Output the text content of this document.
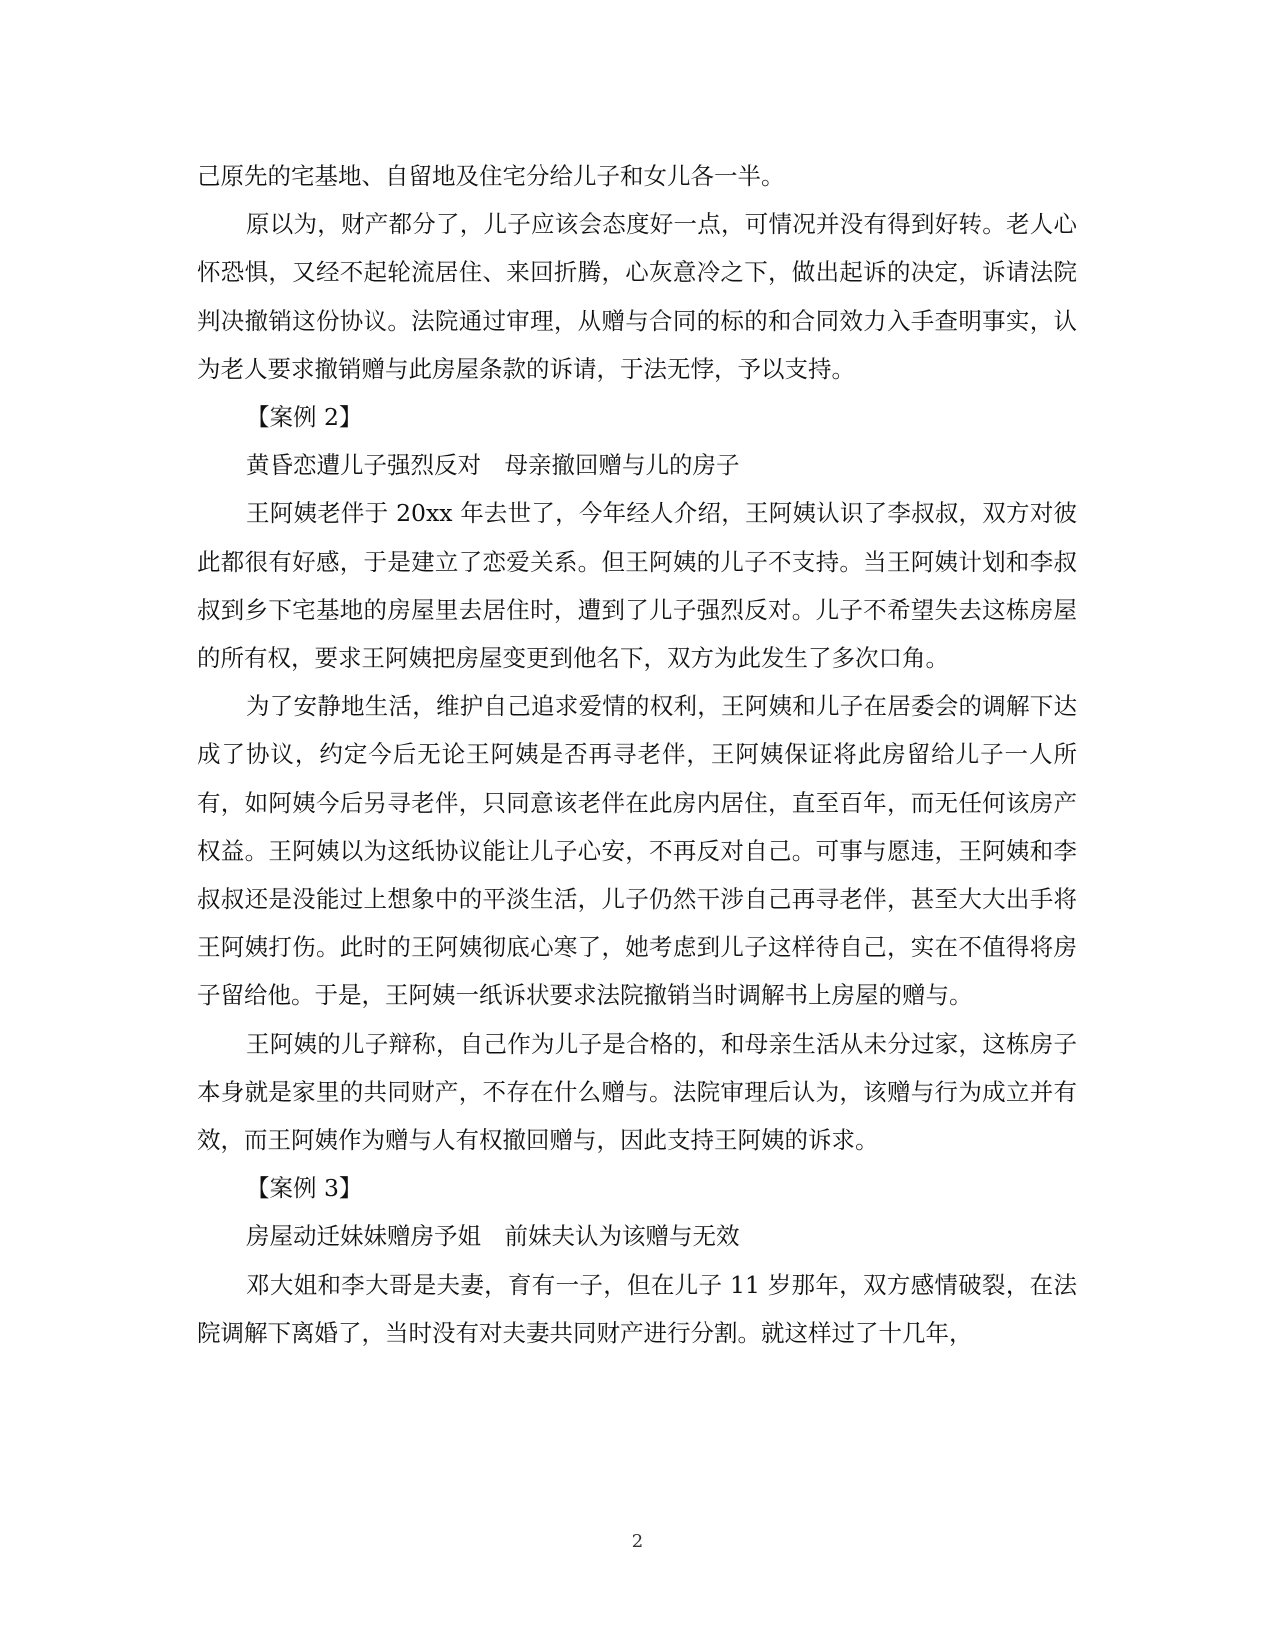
己原先的宅基地、自留地及住宅分给儿子和女儿各一半。

原以为，财产都分了，儿子应该会态度好一点，可情况并没有得到好转。老人心怀恐惧，又经不起轮流居住、来回折腾，心灰意冷之下，做出起诉的决定，诉请法院判决撤销这份协议。法院通过审理，从赠与合同的标的和合同效力入手查明事实，认为老人要求撤销赠与此房屋条款的诉请，于法无悖，予以支持。

【案例 2】

黄昏恋遭儿子强烈反对　母亲撤回赠与儿的房子

王阿姨老伴于 20xx 年去世了，今年经人介绍，王阿姨认识了李叔叔，双方对彼此都很有好感，于是建立了恋爱关系。但王阿姨的儿子不支持。当王阿姨计划和李叔叔到乡下宅基地的房屋里去居住时，遭到了儿子强烈反对。儿子不希望失去这栋房屋的所有权，要求王阿姨把房屋变更到他名下，双方为此发生了多次口角。

为了安静地生活，维护自己追求爱情的权利，王阿姨和儿子在居委会的调解下达成了协议，约定今后无论王阿姨是否再寻老伴，王阿姨保证将此房留给儿子一人所有，如阿姨今后另寻老伴，只同意该老伴在此房内居住，直至百年，而无任何该房产权益。王阿姨以为这纸协议能让儿子心安，不再反对自己。可事与愿违，王阿姨和李叔叔还是没能过上想象中的平淡生活，儿子仍然干涉自己再寻老伴，甚至大大出手将王阿姨打伤。此时的王阿姨彻底心寒了，她考虑到儿子这样待自己，实在不值得将房子留给他。于是，王阿姨一纸诉状要求法院撤销当时调解书上房屋的赠与。

王阿姨的儿子辩称，自己作为儿子是合格的，和母亲生活从未分过家，这栋房子本身就是家里的共同财产，不存在什么赠与。法院审理后认为，该赠与行为成立并有效，而王阿姨作为赠与人有权撤回赠与，因此支持王阿姨的诉求。

【案例 3】

房屋动迁妹妹赠房予姐　前妹夫认为该赠与无效

邓大姐和李大哥是夫妻，育有一子，但在儿子 11 岁那年，双方感情破裂，在法院调解下离婚了，当时没有对夫妻共同财产进行分割。就这样过了十几年，

2
